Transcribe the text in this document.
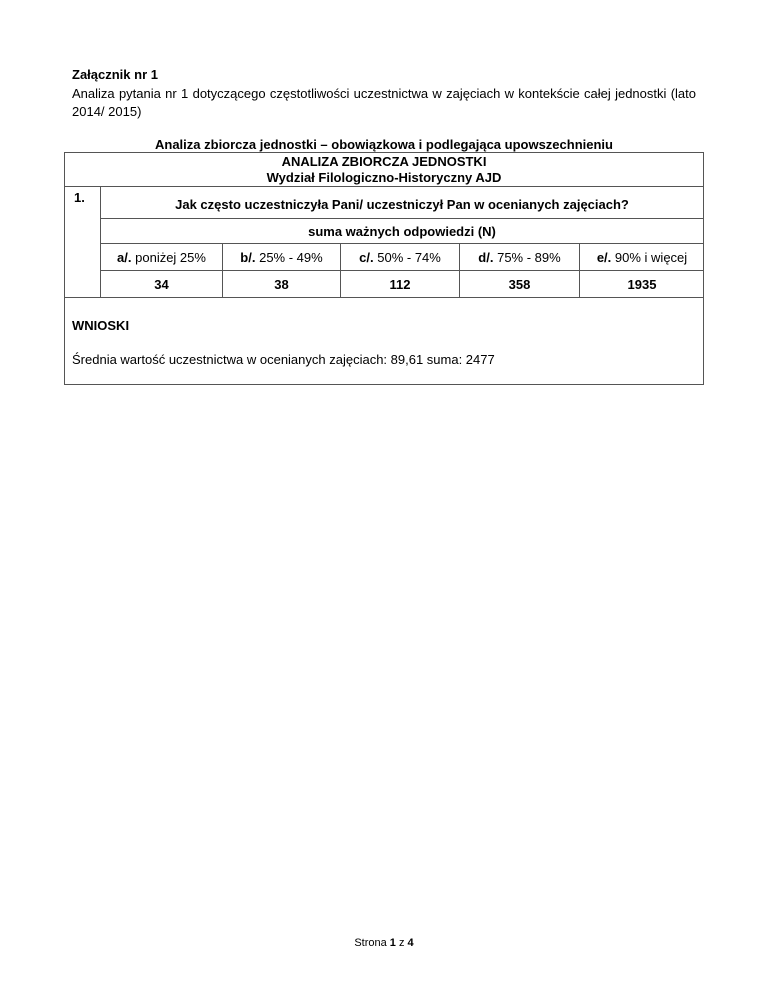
Załącznik nr 1
Analiza pytania nr 1 dotyczącego częstotliwości uczestnictwa w zajęciach w kontekście całej jednostki (lato 2014/ 2015)
Analiza zbiorcza jednostki – obowiązkowa i podlegająca upowszechnieniu
ANALIZA ZBIORCZA JEDNOSTKI
Wydział Filologiczno-Historyczny AJD
1.	Jak często uczestniczyła Pani/ uczestniczył Pan w ocenianych zajęciach?
suma ważnych odpowiedzi (N)
a/. poniżej 25%	b/. 25% - 49%	c/. 50% - 74%	d/. 75% - 89%	e/. 90% i więcej
34	38	112	358	1935
WNIOSKI
Średnia wartość uczestnictwa w ocenianych zajęciach: 89,61 suma: 2477
Strona 1 z 4
